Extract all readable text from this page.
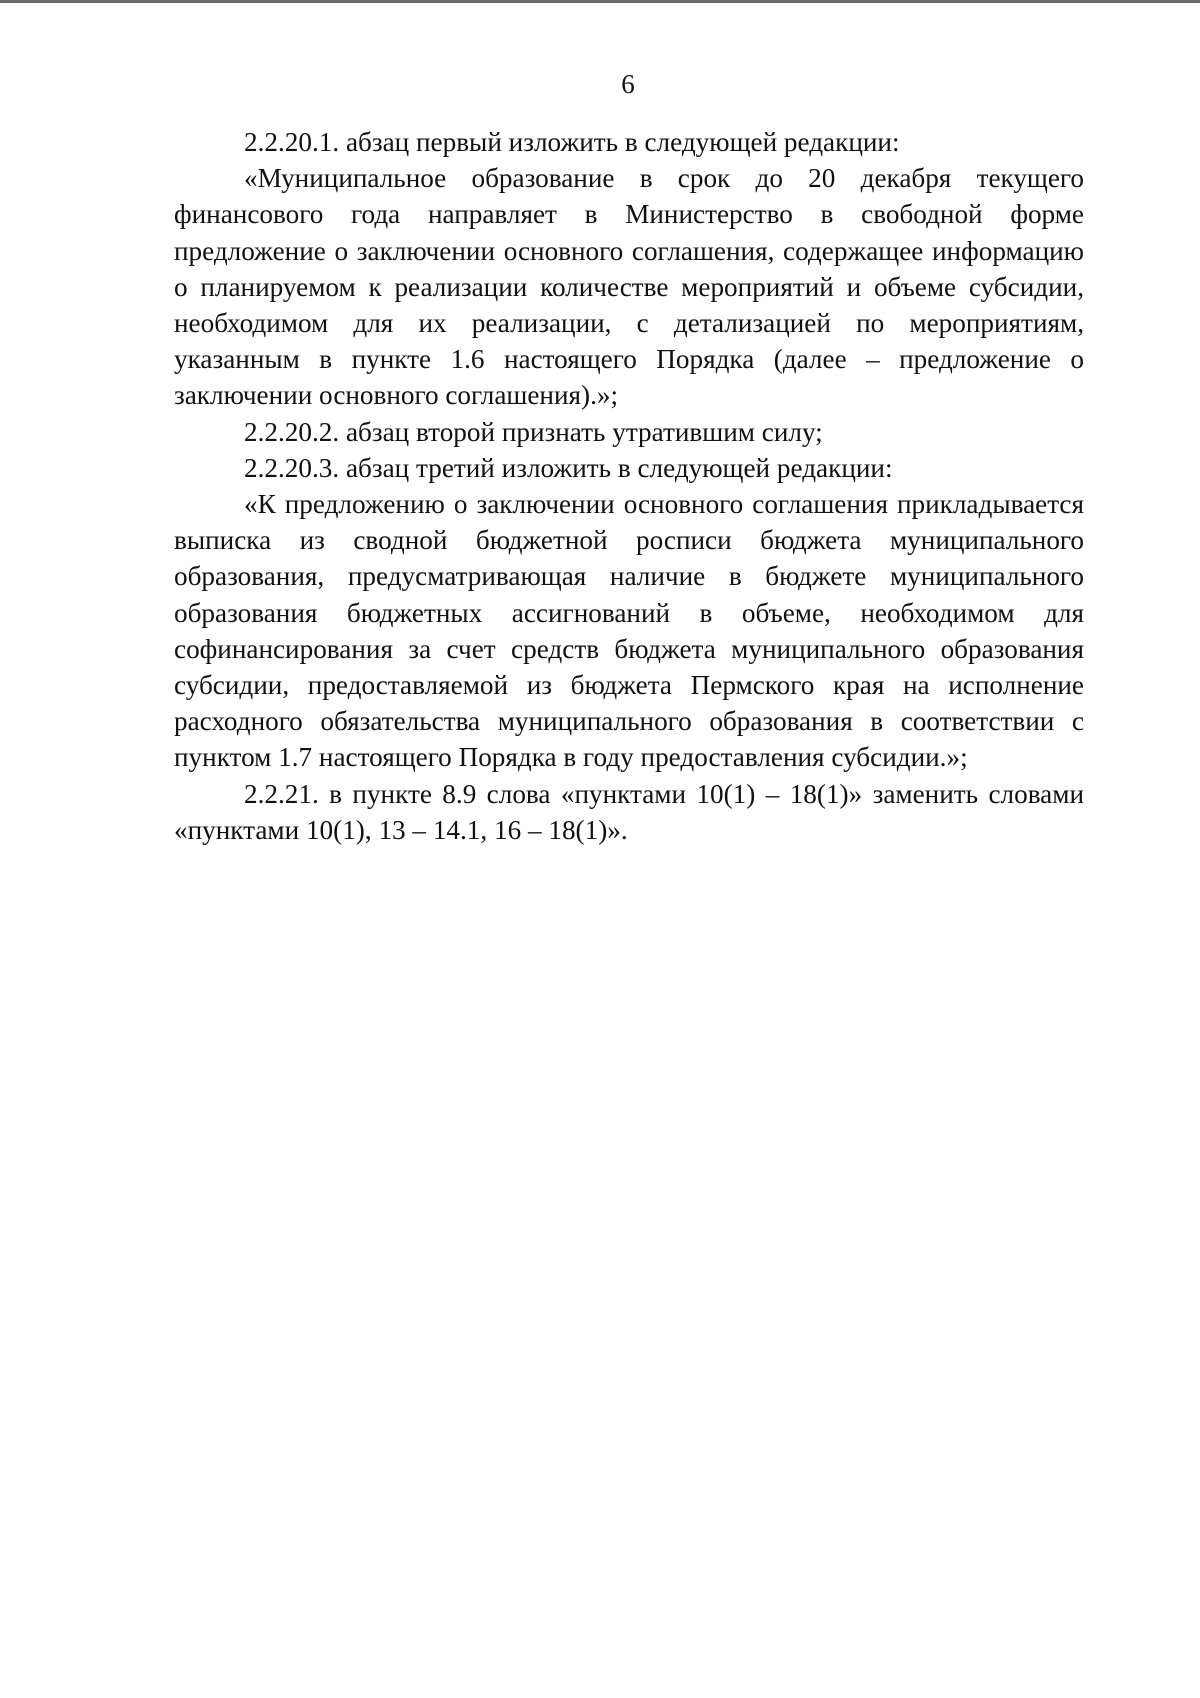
6

2.2.20.1. абзац первый изложить в следующей редакции:

«Муниципальное образование в срок до 20 декабря текущего финансового года направляет в Министерство в свободной форме предложение о заключении основного соглашения, содержащее информацию о планируемом к реализации количестве мероприятий и объеме субсидии, необходимом для их реализации, с детализацией по мероприятиям, указанным в пункте 1.6 настоящего Порядка (далее – предложение о заключении основного соглашения).»;

2.2.20.2. абзац второй признать утратившим силу;

2.2.20.3. абзац третий изложить в следующей редакции:

«К предложению о заключении основного соглашения прикладывается выписка из сводной бюджетной росписи бюджета муниципального образования, предусматривающая наличие в бюджете муниципального образования бюджетных ассигнований в объеме, необходимом для софинансирования за счет средств бюджета муниципального образования субсидии, предоставляемой из бюджета Пермского края на исполнение расходного обязательства муниципального образования в соответствии с пунктом 1.7 настоящего Порядка в году предоставления субсидии.»;

2.2.21. в пункте 8.9 слова «пунктами 10(1) – 18(1)» заменить словами «пунктами 10(1), 13 – 14.1, 16 – 18(1)».
